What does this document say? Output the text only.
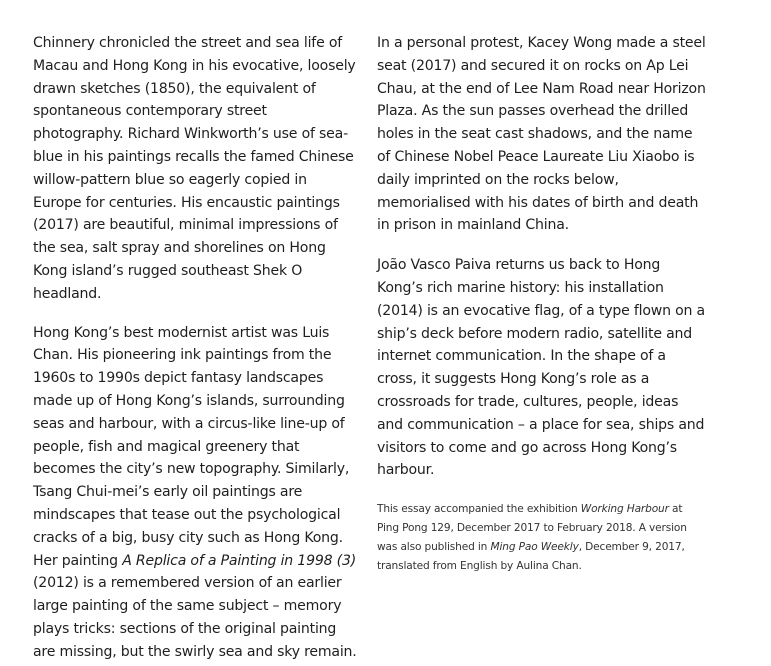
Chinnery chronicled the street and sea life of Macau and Hong Kong in his evocative, loosely drawn sketches (1850), the equivalent of spontaneous contemporary street photography. Richard Winkworth’s use of sea-blue in his paintings recalls the famed Chinese willow-pattern blue so eagerly copied in Europe for centuries. His encaustic paintings (2017) are beautiful, minimal impressions of the sea, salt spray and shorelines on Hong Kong island’s rugged southeast Shek O headland.

Hong Kong’s best modernist artist was Luis Chan. His pioneering ink paintings from the 1960s to 1990s depict fantasy landscapes made up of Hong Kong’s islands, surrounding seas and harbour, with a circus-like line-up of people, fish and magical greenery that becomes the city’s new topography. Similarly, Tsang Chui-mei’s early oil paintings are mindscapes that tease out the psychological cracks of a big, busy city such as Hong Kong. Her painting A Replica of a Painting in 1998 (3) (2012) is a remembered version of an earlier large painting of the same subject – memory plays tricks: sections of the original painting are missing, but the swirly sea and sky remain.

In a personal protest, Kacey Wong made a steel seat (2017) and secured it on rocks on Ap Lei Chau, at the end of Lee Nam Road near Horizon Plaza. As the sun passes overhead the drilled holes in the seat cast shadows, and the name of Chinese Nobel Peace Laureate Liu Xiaobo is daily imprinted on the rocks below, memorialised with his dates of birth and death in prison in mainland China.

João Vasco Paiva returns us back to Hong Kong’s rich marine history: his installation (2014) is an evocative flag, of a type flown on a ship’s deck before modern radio, satellite and internet communication. In the shape of a cross, it suggests Hong Kong’s role as a crossroads for trade, cultures, people, ideas and communication – a place for sea, ships and visitors to come and go across Hong Kong’s harbour.

This essay accompanied the exhibition Working Harbour at Ping Pong 129, December 2017 to February 2018. A version was also published in Ming Pao Weekly, December 9, 2017, translated from English by Aulina Chan.
